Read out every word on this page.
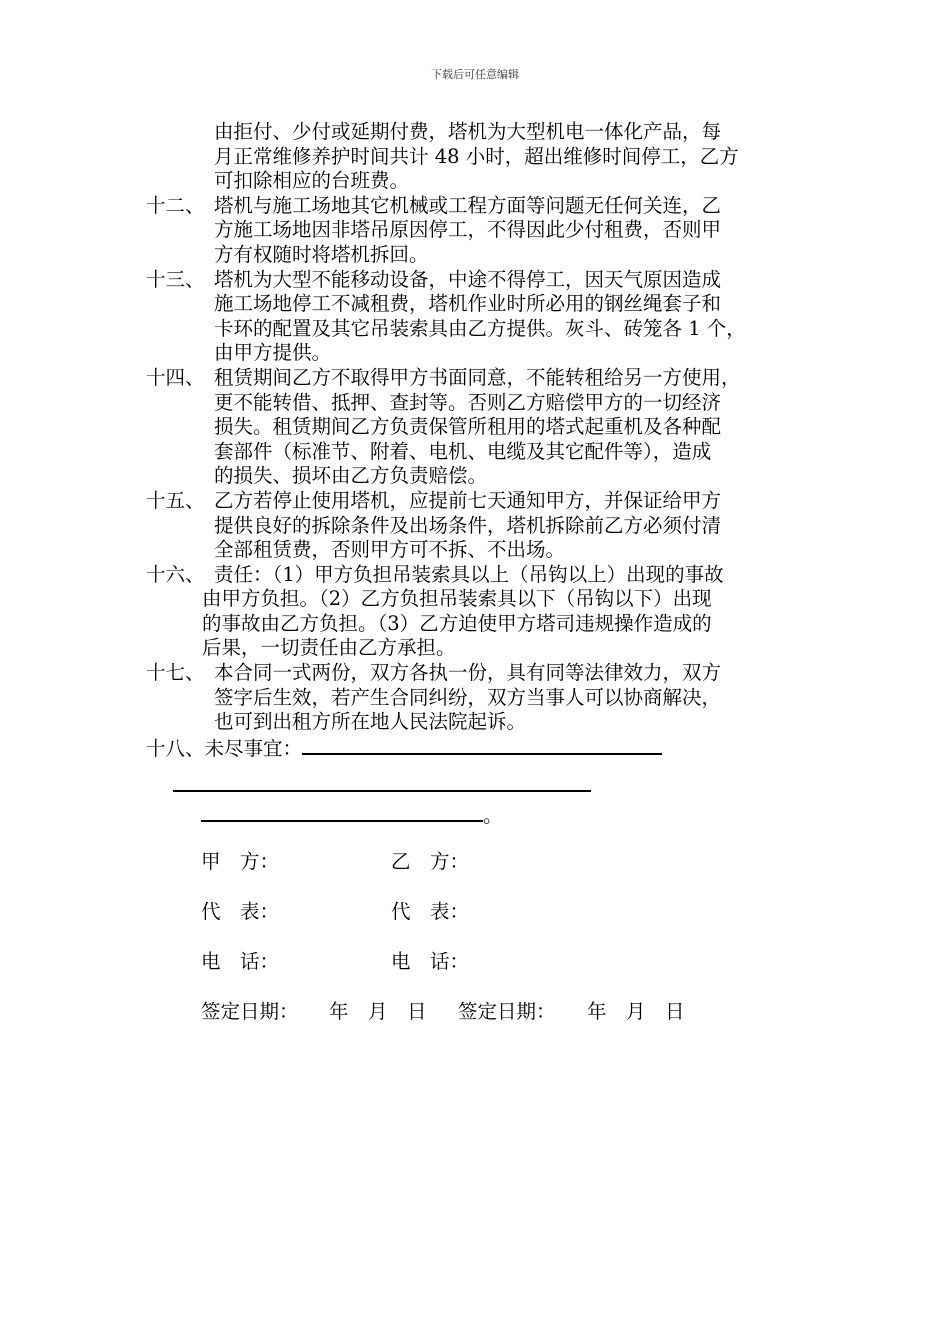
下载后可任意编辑
由拒付、少付或延期付费，塔机为大型机电一体化产品，每
月正常维修养护时间共计 48 小时，超出维修时间停工，乙方
可扣除相应的台班费。
十二、 塔机与施工场地其它机械或工程方面等问题无任何关连，乙
方施工场地因非塔吊原因停工，不得因此少付租费，否则甲
方有权随时将塔机拆回。
十三、 塔机为大型不能移动设备，中途不得停工，因天气原因造成
施工场地停工不减租费，塔机作业时所必用的钢丝绳套子和
卡环的配置及其它吊装索具由乙方提供。灰斗、砖笼各 1 个，
由甲方提供。
十四、 租赁期间乙方不取得甲方书面同意，不能转租给另一方使用，
更不能转借、抵押、查封等。否则乙方赔偿甲方的一切经济
损失。租赁期间乙方负责保管所租用的塔式起重机及各种配
套部件（标准节、附着、电机、电缆及其它配件等），造成
的损失、损坏由乙方负责赔偿。
十五、 乙方若停止使用塔机，应提前七天通知甲方，并保证给甲方
提供良好的拆除条件及出场条件，塔机拆除前乙方必须付清
全部租赁费，否则甲方可不拆、不出场。
十六、 责任：（1）甲方负担吊装索具以上（吊钩以上）出现的事故
由甲方负担。（2）乙方负担吊装索具以下（吊钩以下）出现
的事故由乙方负担。（3）乙方迫使甲方塔司违规操作造成的
后果，一切责任由乙方承担。
十七、 本合同一式两份，双方各执一份，具有同等法律效力，双方
签字后生效，若产生合同纠纷，双方当事人可以协商解决，
也可到出租方所在地人民法院起诉。
十八、未尽事宜：
。
甲　方：	乙　方：
代　表：	代　表：
电　话：	电　话：
签定日期： 年　月　日 签定日期： 年　月　日
